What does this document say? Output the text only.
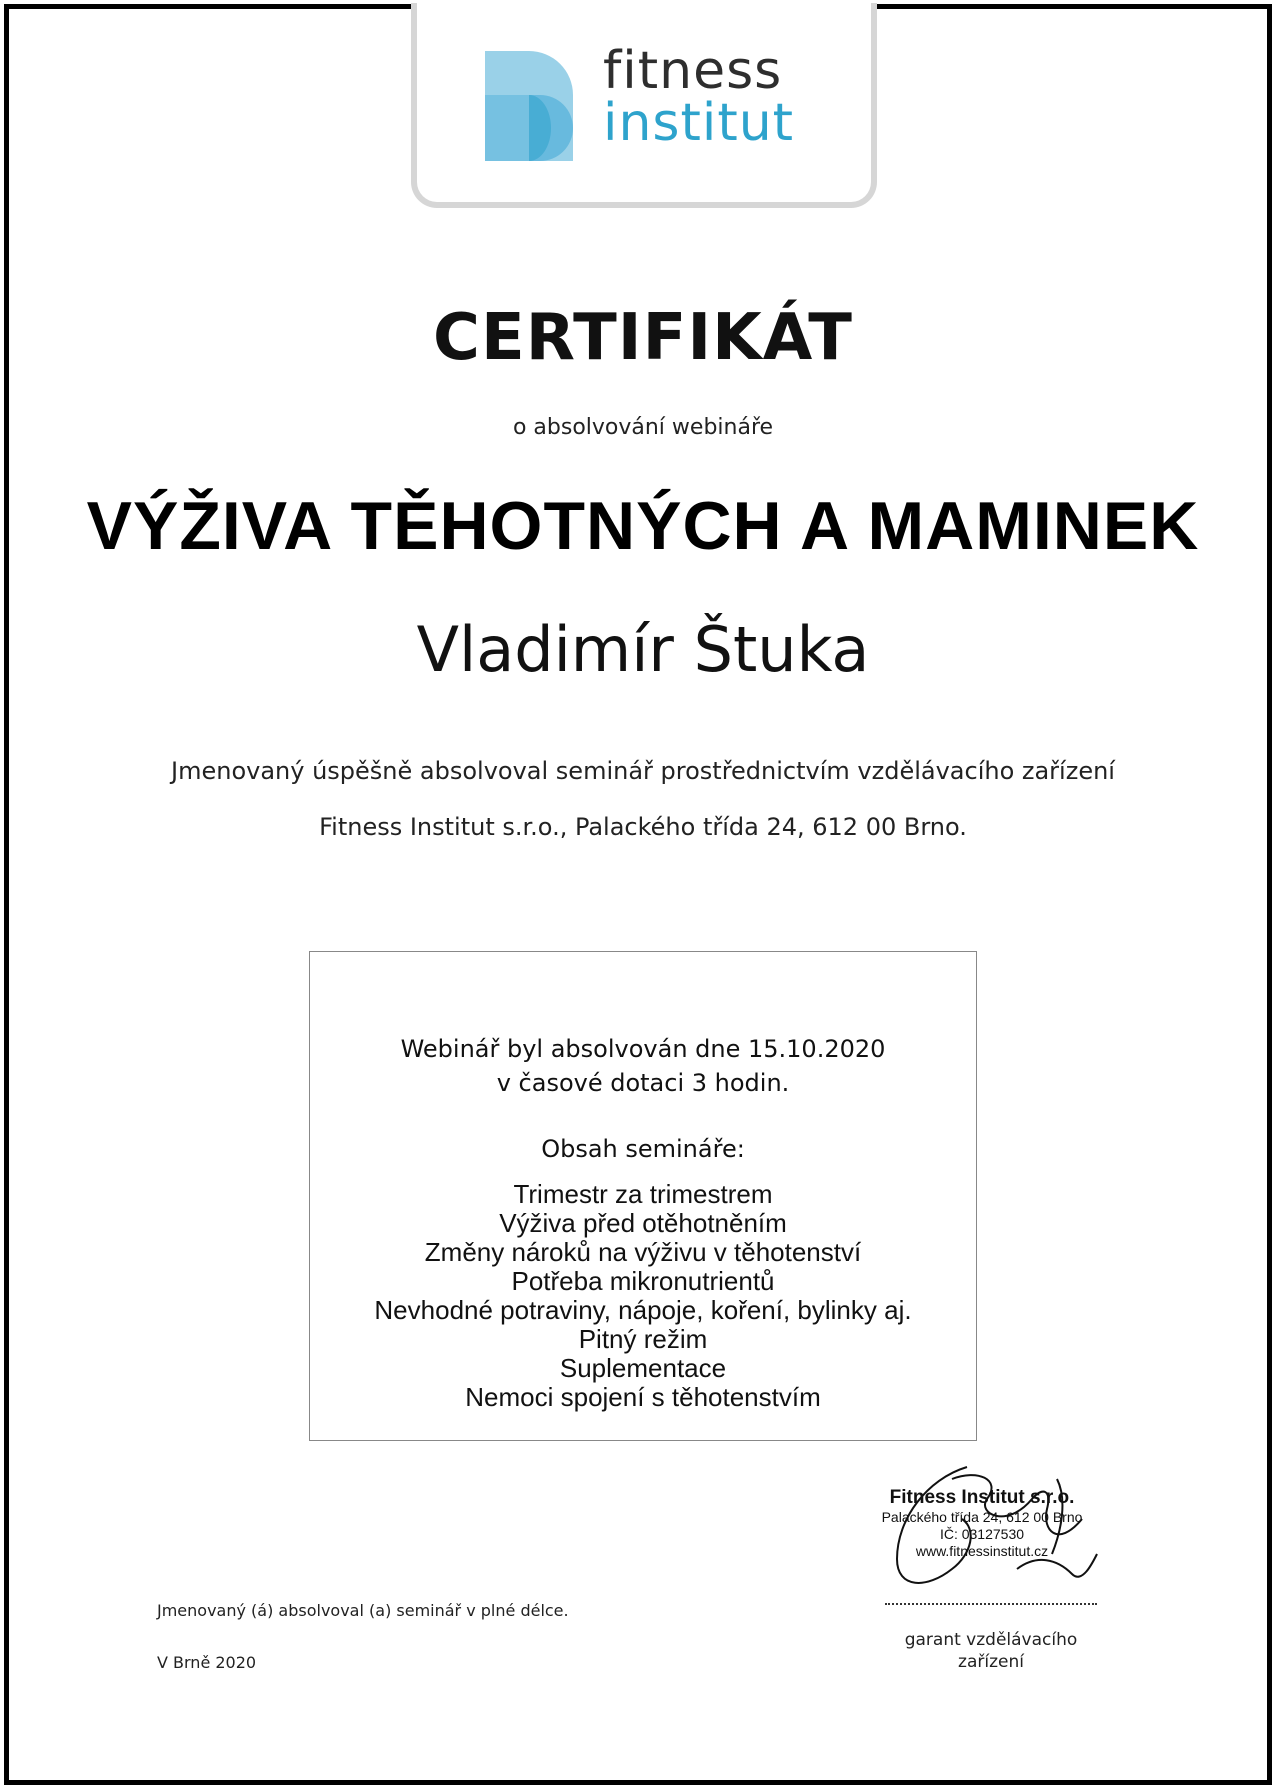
fitness
institut
CERTIFIKÁT
o absolvování webináře
VÝŽIVA TĚHOTNÝCH A MAMINEK
Vladimír Štuka
Jmenovaný úspěšně absolvoval seminář prostřednictvím vzdělávacího zařízení
Fitness Institut s.r.o., Palackého třída 24, 612 00 Brno.
Webinář byl absolvován dne 15.10.2020
v časové dotaci 3 hodin.
Obsah semináře:
Trimestr za trimestrem
Výživa před otěhotněním
Změny nároků na výživu v těhotenství
Potřeba mikronutrientů
Nevhodné potraviny, nápoje, koření, bylinky aj.
Pitný režim
Suplementace
Nemoci spojení s těhotenstvím
Fitness Institut s.r.o.
Palackého třída 24, 612 00 Brno
IČ: 03127530
www.fitnessinstitut.cz
garant vzdělávacího
zařízení
Jmenovaný (á) absolvoval (a) seminář v plné délce.
V Brně 2020
